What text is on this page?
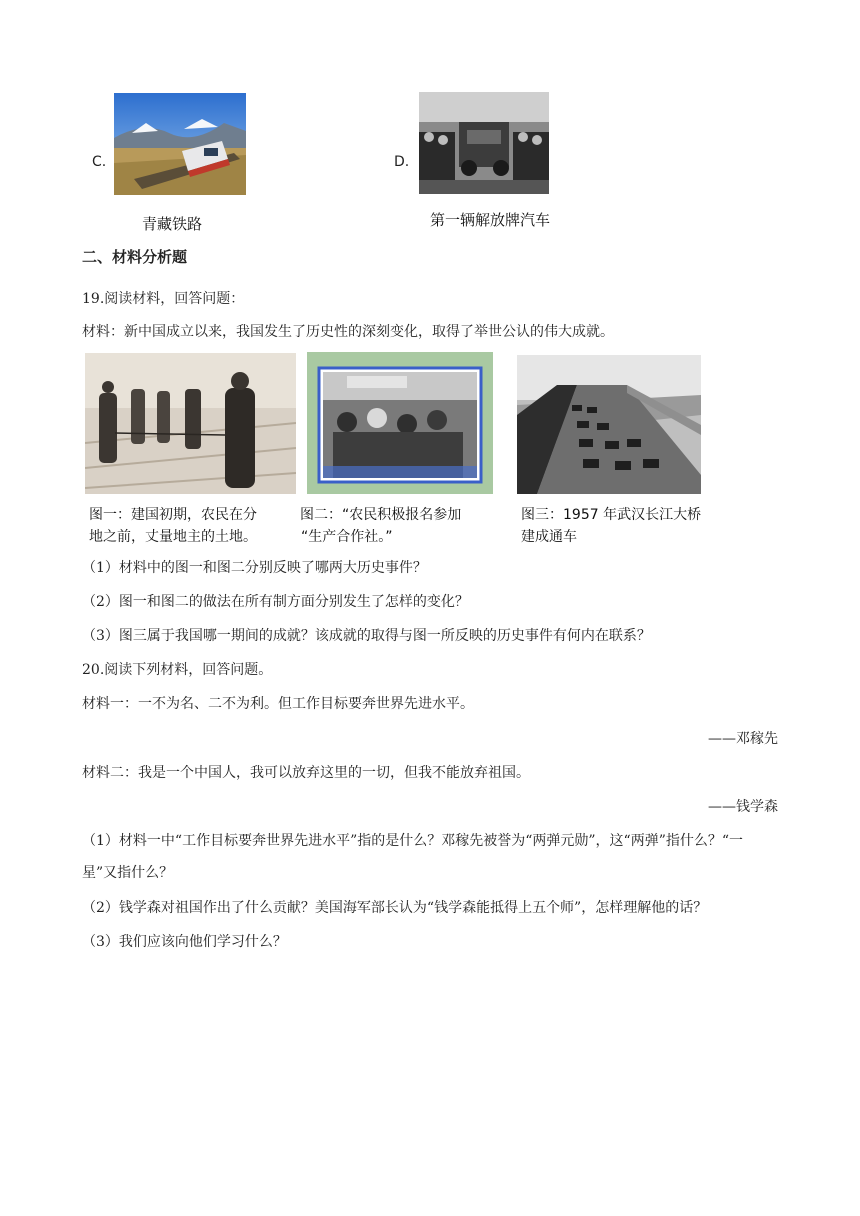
C.
青藏铁路
D.
第一辆解放牌汽车
二、材料分析题
19.阅读材料，回答问题：
材料：新中国成立以来，我国发生了历史性的深刻变化，取得了举世公认的伟大成就。
图一：建国初期，农民在分
地之前，丈量地主的土地。
图二：“农民积极报名参加
“生产合作社。”
图三：1957 年武汉长江大桥
建成通车
（1）材料中的图一和图二分别反映了哪两大历史事件？
（2）图一和图二的做法在所有制方面分别发生了怎样的变化？
（3）图三属于我国哪一期间的成就？该成就的取得与图一所反映的历史事件有何内在联系？
20.阅读下列材料，回答问题。
材料一：一不为名、二不为利。但工作目标要奔世界先进水平。
——邓稼先
材料二：我是一个中国人，我可以放弃这里的一切，但我不能放弃祖国。
——钱学森
（1）材料一中“工作目标要奔世界先进水平”指的是什么？邓稼先被誉为“两弹元勋”，这“两弹”指什么？“一
星”又指什么？
（2）钱学森对祖国作出了什么贡献？美国海军部长认为“钱学森能抵得上五个师”，怎样理解他的话？
（3）我们应该向他们学习什么？
